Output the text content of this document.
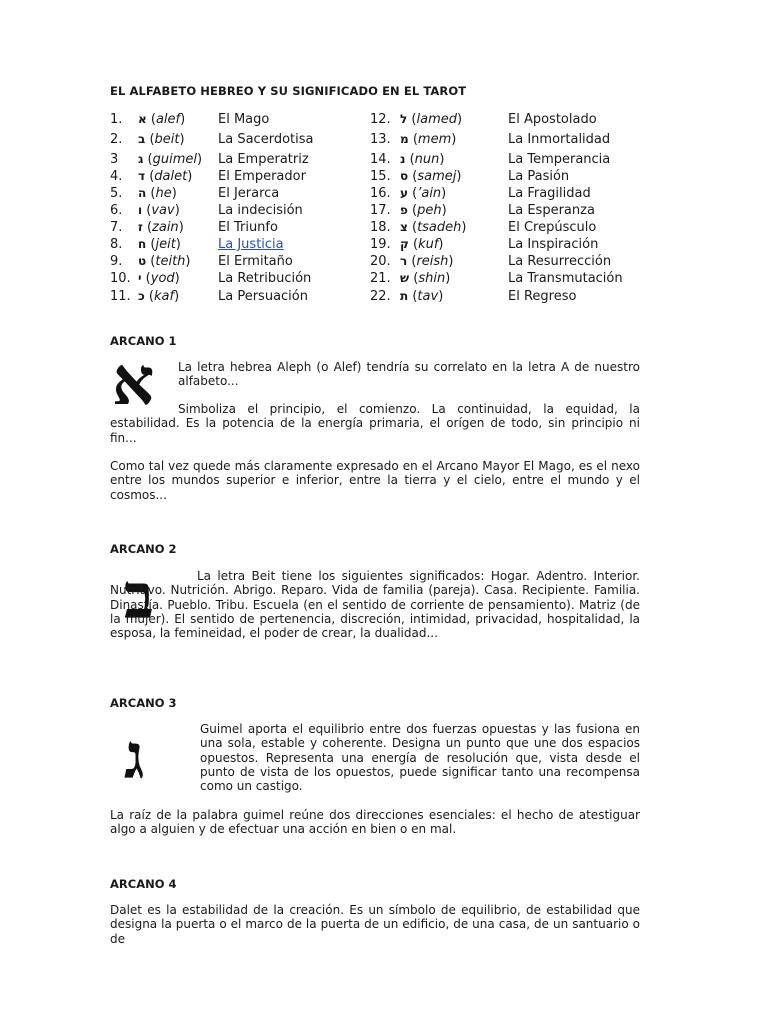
EL ALFABETO HEBREO Y SU SIGNIFICADO EN EL TAROT
1. א (alef)	El Mago	12. ל (lamed)	El Apostolado
2. ב (beit)	La Sacerdotisa	13. מ (mem)	La Inmortalidad
3 ג (guimel) La Emperatriz	14. נ (nun)	La Temperancia
4. ד (dalet) El Emperador	15. ס (samej)	La Pasión
5. ה (he)	El Jerarca	16. ע (’ain)	La Fragilidad
6. ו (vav)	La indecisión	17. פ (peh)	La Esperanza
7. ז (zain)	El Triunfo	18. צ (tsadeh)	El Crepúsculo
8. ח (jeit)	La Justicia	19. ק (kuf)	La Inspiración
9. ט (teith) El Ermitaño	20. ר (reish)	La Resurrección
10. י (yod)	La Retribución	21. ש (shin)	La Transmutación
11. כ (kaf)	La Persuación	22. ת (tav)	El Regreso
ARCANO 1
א La letra hebrea Aleph (o Alef) tendría su correlato en la letra A de nuestro alfabeto...

Simboliza el principio, el comienzo. La continuidad, la equidad, la estabilidad. Es la potencia de la energía primaria, el orígen de todo, sin principio ni fin...

Como tal vez quede más claramente expresado en el Arcano Mayor El Mago, es el nexo entre los mundos superior e inferior, entre la tierra y el cielo, entre el mundo y el cosmos...

ARCANO 2
ב	La letra Beit tiene los siguientes significados: Hogar. Adentro. Interior. Nutritivo. Nutrición. Abrigo. Reparo. Vida de familia (pareja). Casa. Recipiente. Familia. Dinastía. Pueblo. Tribu. Escuela (en el sentido de corriente de pensamiento). Matriz (de la mujer). El sentido de pertenencia, discreción, intimidad, privacidad, hospitalidad, la esposa, la femineidad, el poder de crear, la dualidad...

ARCANO 3
ג	Guimel aporta el equilibrio entre dos fuerzas opuestas y las fusiona en una sola, estable y coherente. Designa un punto que une dos espacios opuestos. Representa una energía de resolución que, vista desde el punto de vista de los opuestos, puede significar tanto una recompensa como un castigo.

La raíz de la palabra guimel reúne dos direcciones esenciales: el hecho de atestiguar algo a alguien y de efectuar una acción en bien o en mal.

ARCANO 4

Dalet es la estabilidad de la creación. Es un símbolo de equilibrio, de estabilidad que designa la puerta o el marco de la puerta de un edificio, de una casa, de un santuario o de
